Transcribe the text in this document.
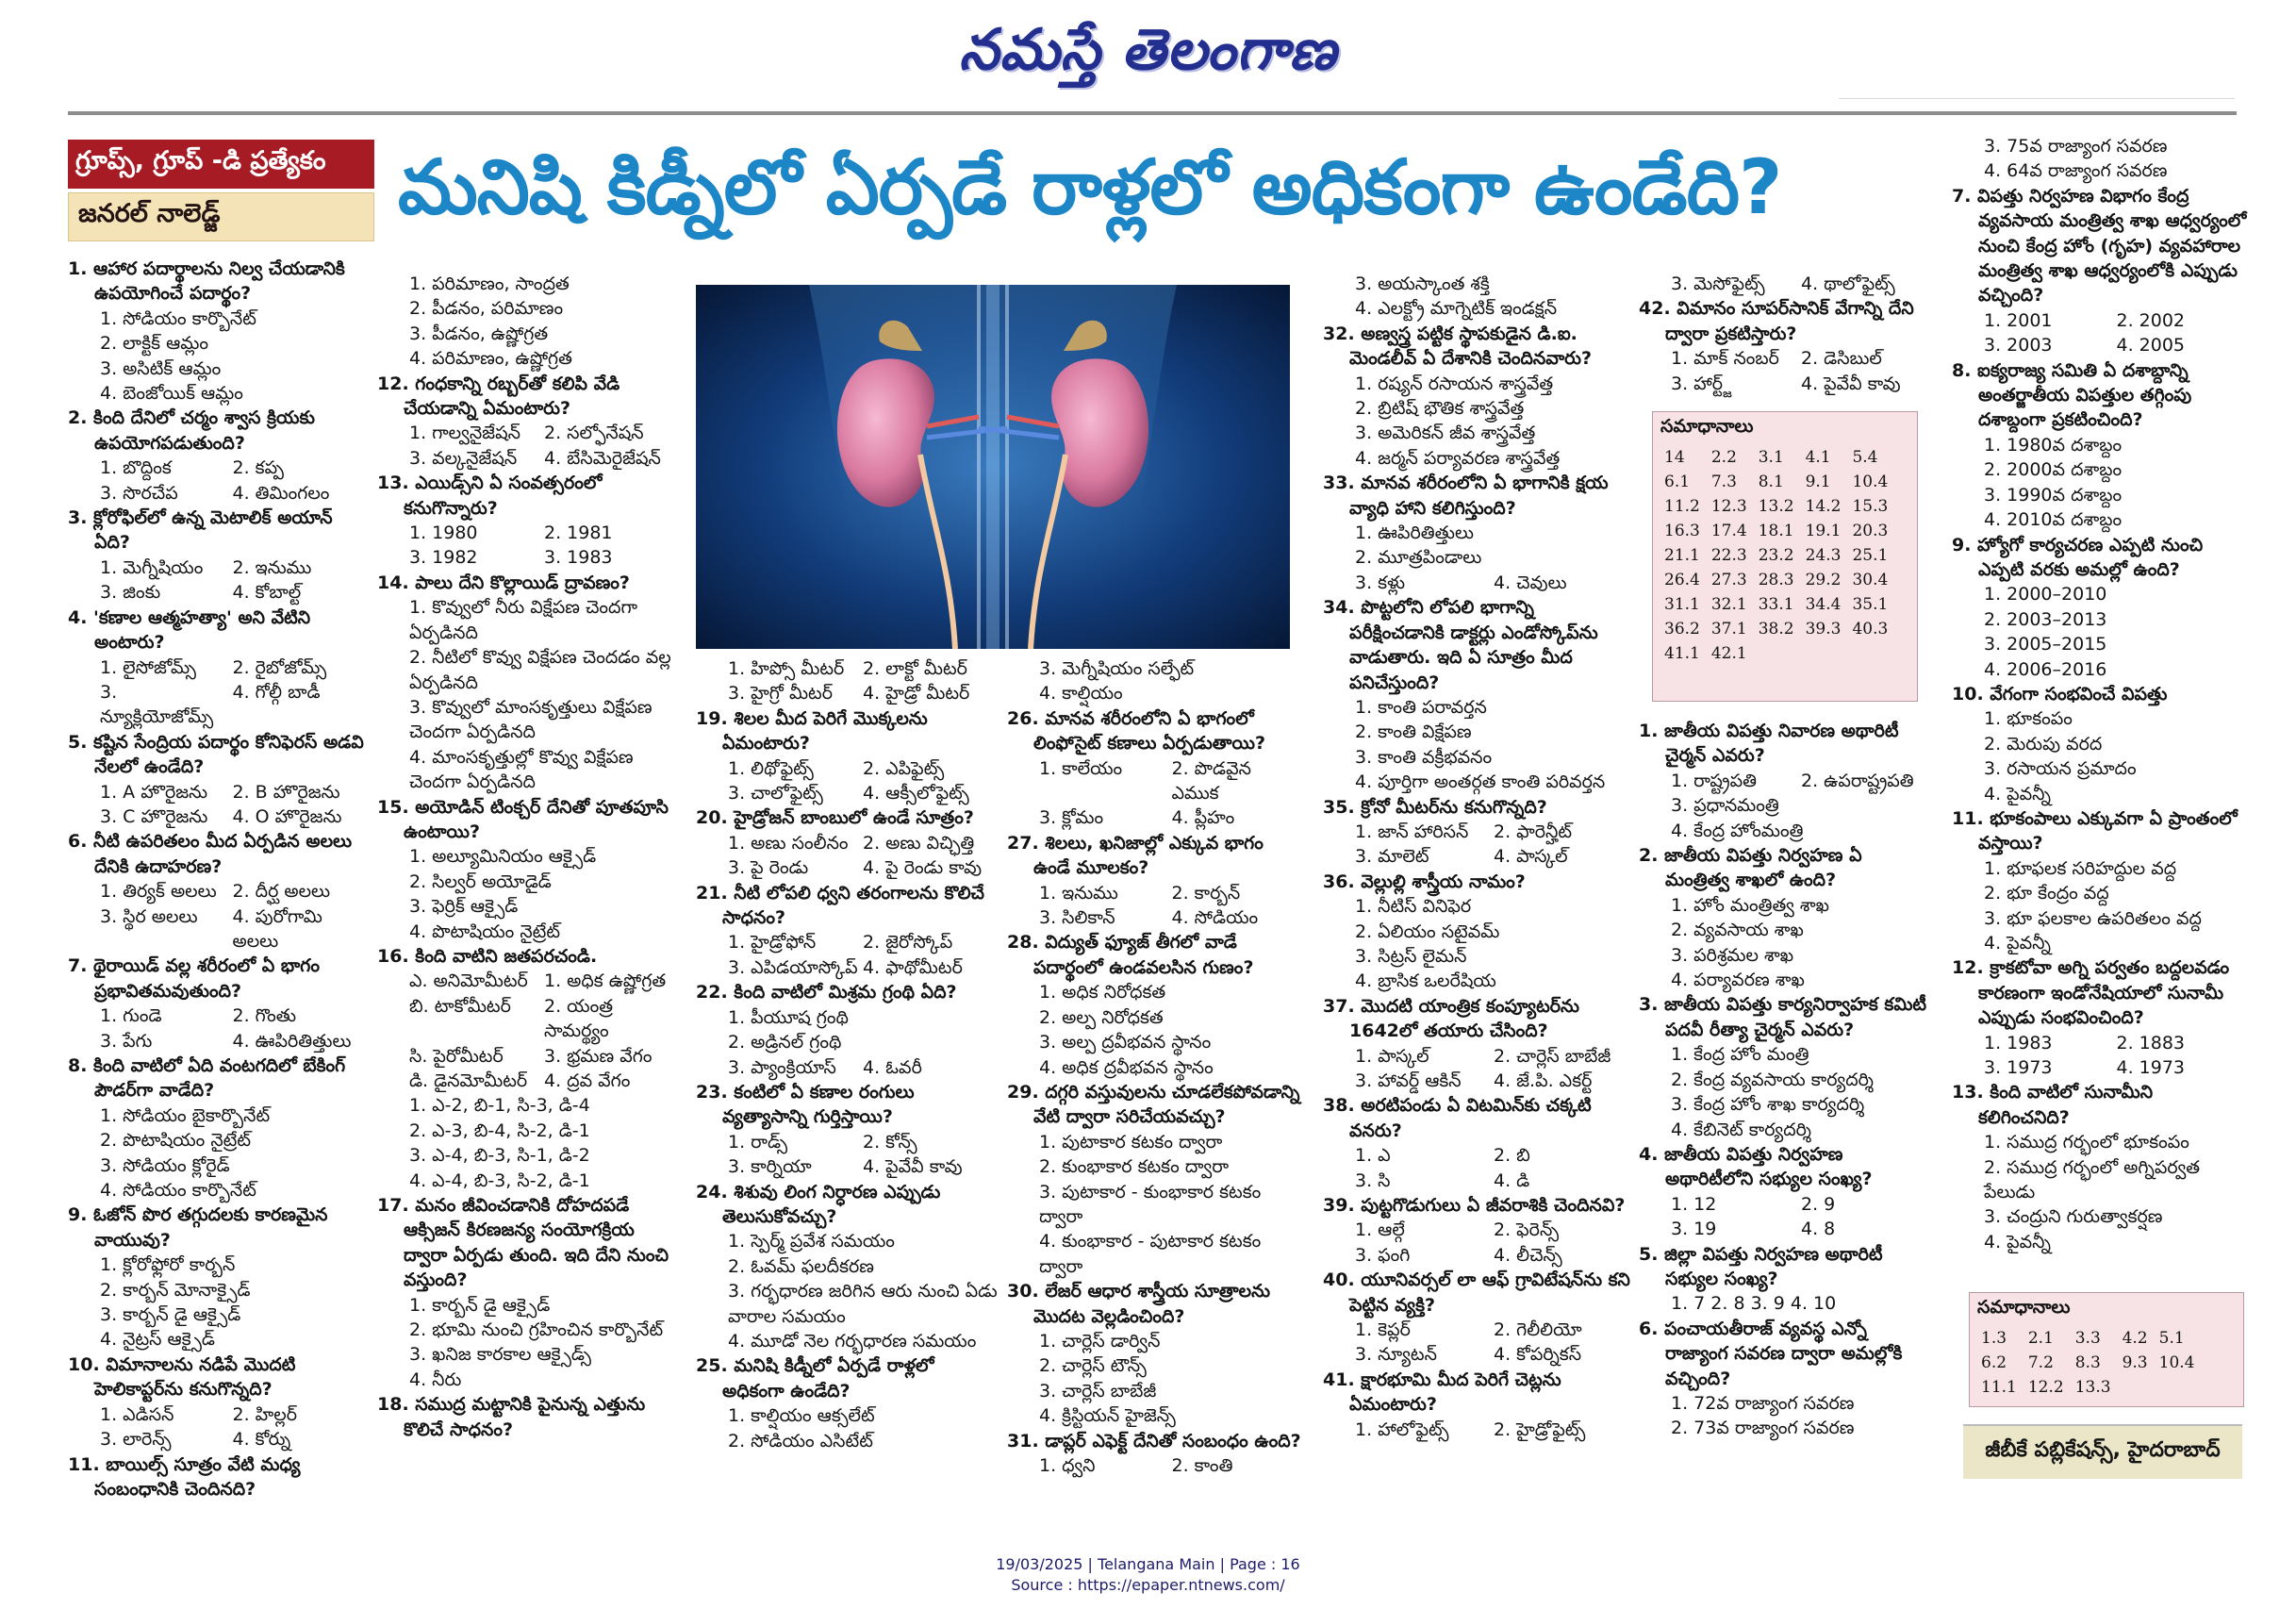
నమస్తే తెలంగాణ
గ్రూప్స్, గ్రూప్ -డి ప్రత్యేకం
జనరల్ నాలెడ్జ్	మనిషి కిడ్నీలో ఏర్పడే రాళ్లలో అధికంగా ఉండేది?
1. ఆహార పదార్థాలను నిల్వ చేయడానికి ఉపయోగించే పదార్థం?
1. సోడియం కార్బొనేట్
2. లాక్టిక్ ఆమ్లం
3. అసిటిక్ ఆమ్లం
4. బెంజోయిక్ ఆమ్లం
2. కింది దేనిలో చర్మం శ్వాస క్రియకు ఉపయోగపడుతుంది?
1. బొద్దింక	2. కప్ప
3. సొరచేప	4. తిమింగలం
3. క్లోరోఫిల్‌లో ఉన్న మెటాలిక్ అయాన్ ఏది?
1. మెగ్నీషియం	2. ఇనుము
3. జింకు	4. కోబాల్ట్
4. 'కణాల ఆత్మహత్యా' అని వేటిని అంటారు?
1. లైసోజోమ్స్	2. రైబోజోమ్స్
3. న్యూక్లియోజోమ్స్
4. గోల్గీ బాడీ
5. కష్టిన సేంద్రియ పదార్థం కోనిఫెరస్ అడవి నేలలో ఉండేది?
1. A హొరైజను	2. B హొరైజను
3. C హొరైజను	4. O హొరైజను
6. నీటి ఉపరితలం మీద ఏర్పడిన అలలు దేనికి ఉదాహరణ?
1. తిర్యక్ అలలు 2. దీర్ఘ అలలు
3. స్థిర అలలు	4. పురోగామి అలలు
7. థైరాయిడ్ వల్ల శరీరంలో ఏ భాగం ప్రభావితమవుతుంది?
1. గుండె	2. గొంతు
3. పేగు	4. ఊపిరితిత్తులు
8. కింది వాటిలో ఏది వంటగదిలో బేకింగ్ పౌడర్‌గా వాడేది?
1. సోడియం బైకార్బొనేట్
2. పొటాషియం నైట్రేట్
3. సోడియం క్లోరైడ్
4. సోడియం కార్బొనేట్
9. ఓజోన్ పొర తగ్గుదలకు కారణమైన వాయువు?
1. క్లోరోఫ్లోరో కార్బన్
2. కార్బన్ మోనాక్సైడ్
3. కార్బన్ డై ఆక్సైడ్
4. నైట్రస్ ఆక్సైడ్
10. విమానాలను నడిపే మొదటి హెలికాప్టర్‌ను కనుగొన్నది?
1. ఎడిసన్	2. హిల్లర్
3. లారెన్స్	4. కోర్ను
11. బాయిల్స్ సూత్రం వేటి మధ్య సంబంధానికి చెందినది?
1. పరిమాణం, సాంద్రత
2. పీడనం, పరిమాణం
3. పీడనం, ఉష్ణోగ్రత
4. పరిమాణం, ఉష్ణోగ్రత
12. గంధకాన్ని రబ్బర్‌తో కలిపి వేడి చేయడాన్ని ఏమంటారు?
1. గాల్వనైజేషన్	2. సల్ఫోనేషన్
3. వల్కనైజేషన్	4. బేసిమెరైజేషన్
13. ఎయిడ్స్‌ని ఏ సంవత్సరంలో కనుగొన్నారు?
1. 1980	2. 1981
3. 1982	3. 1983
14. పాలు దేని కొల్లాయిడ్ ద్రావణం?
1. కొవ్వులో నీరు విక్షేపణ చెందగా ఏర్పడినది
2. నీటిలో కొవ్వు విక్షేపణ చెందడం వల్ల ఏర్పడినది
3. కొవ్వులో మాంసకృత్తులు విక్షేపణ చెందగా ఏర్పడినది
4. మాంసకృత్తుల్లో కొవ్వు విక్షేపణ చెందగా ఏర్పడినది
15. అయోడిన్ టింక్చర్ దేనితో పూతపూసి ఉంటాయి?
1. అల్యూమినియం ఆక్సైడ్
2. సిల్వర్ అయోడైడ్
3. ఫెర్రిక్ ఆక్సైడ్
4. పొటాషియం నైట్రేట్
16. కింది వాటిని జతపరచండి.
ఎ. అనిమోమీటర్ 1. అధిక ఉష్ణోగ్రత
బి. టాకోమీటర్	2. యంత్ర సామర్థ్యం
సి. పైరోమీటర్	3. భ్రమణ వేగం
డి. డైనమోమీటర్ 4. ద్రవ వేగం
1. ఎ-2, బి-1, సి-3, డి-4
2. ఎ-3, బి-4, సి-2, డి-1
3. ఎ-4, బి-3, సి-1, డి-2
4. ఎ-4, బి-3, సి-2, డి-1
17. మనం జీవించడానికి దోహదపడే ఆక్సిజన్ కిరణజన్య సంయోగక్రియ ద్వారా ఏర్పడు తుంది. ఇది దేని నుంచి వస్తుంది?
1. కార్బన్ డై ఆక్సైడ్
2. భూమి నుంచి గ్రహించిన కార్బొనేట్
3. ఖనిజ కారకాల ఆక్సైడ్స్
4. నీరు
18. సముద్ర మట్టానికి పైనున్న ఎత్తును కొలిచే సాధనం?
1. హిప్సో మీటర్	2. లాక్టో మీటర్
3. హైగ్రో మీటర్	4. హైడ్రో మీటర్
19. శిలల మీద పెరిగే మొక్కలను ఏమంటారు?
1. లిథోఫైట్స్	2. ఎపిఫైట్స్
3. చాలోఫైట్స్	4. ఆక్సీలోఫైట్స్
20. హైడ్రోజన్ బాంబులో ఉండే సూత్రం?
1. అణు సంలీనం 2. అణు విచ్ఛిత్తి
3. పై రెండు	4. పై రెండు కావు
21. నీటి లోపలి ధ్వని తరంగాలను కొలిచే సాధనం?
1. హైడ్రోఫోన్	2. జైరోస్కోప్
3. ఎపిడయాస్కోప్ 4. ఫాథోమీటర్
22. కింది వాటిలో మిశ్రమ గ్రంథి ఏది?
1. పీయూష గ్రంథి
2. అడ్రినల్ గ్రంథి
3. ప్యాంక్రియాస్	4. ఓవరీ
23. కంటిలో ఏ కణాల రంగులు వ్యత్యాసాన్ని గుర్తిస్తాయి?
1. రాడ్స్	2. కోన్స్
3. కార్నియా	4. పైవేవీ కావు
24. శిశువు లింగ నిర్ధారణ ఎప్పుడు తెలుసుకోవచ్చు?
1. స్పెర్మ్ ప్రవేశ సమయం
2. ఓవమ్ ఫలదీకరణ
3. గర్భధారణ జరిగిన ఆరు నుంచి ఏడు వారాల సమయం
4. మూడో నెల గర్భధారణ సమయం
25. మనిషి కిడ్నీలో ఏర్పడే రాళ్లలో అధికంగా ఉండేది?
1. కాల్షియం ఆక్సలేట్
2. సోడియం ఎసిటేట్
3. మెగ్నీషియం సల్ఫేట్
4. కాల్షియం
26. మానవ శరీరంలోని ఏ భాగంలో లింఫోసైట్ కణాలు ఏర్పడుతాయి?
1. కాలేయం	2. పొడవైన ఎముక
3. క్లోమం	4. ప్లీహం
27. శిలలు, ఖనిజాల్లో ఎక్కువ భాగం ఉండే మూలకం?
1. ఇనుము	2. కార్బన్
3. సిలికాన్	4. సోడియం
28. విద్యుత్ ఫ్యూజ్ తీగలో వాడే పదార్థంలో ఉండవలసిన గుణం?
1. అధిక నిరోధకత
2. అల్ప నిరోధకత
3. అల్ప ద్రవీభవన స్థానం
4. అధిక ద్రవీభవన స్థానం
29. దగ్గరి వస్తువులను చూడలేకపోవడాన్ని వేటి ద్వారా సరిచేయవచ్చు?
1. పుటాకార కటకం ద్వారా
2. కుంభాకార కటకం ద్వారా
3. పుటాకార - కుంభాకార కటకం ద్వారా
4. కుంభాకార - పుటాకార కటకం ద్వారా
30. లేజర్ ఆధార శాస్త్రీయ సూత్రాలను మొదట వెల్లడించింది?
1. చార్లెస్ డార్విన్
2. చార్లెస్ టౌన్స్
3. చార్లెస్ బాబేజీ
4. క్రిస్టియన్ హైజెన్స్
31. డాప్లర్ ఎఫెక్ట్ దేనితో సంబంధం ఉంది?
1. ధ్వని	2. కాంతి
3. అయస్కాంత శక్తి
4. ఎలక్ట్రో మాగ్నెటిక్ ఇండక్షన్
32. అణ్వస్త్ర పట్టిక స్థాపకుడైన డి.ఐ. మెండలీవ్ ఏ దేశానికి చెందినవారు?
1. రష్యన్ రసాయన శాస్త్రవేత్త
2. బ్రిటిష్ భౌతిక శాస్త్రవేత్త
3. అమెరికన్ జీవ శాస్త్రవేత్త
4. జర్మన్ పర్యావరణ శాస్త్రవేత్త
33. మానవ శరీరంలోని ఏ భాగానికి క్షయ వ్యాధి హాని కలిగిస్తుంది?
1. ఊపిరితిత్తులు
2. మూత్రపిండాలు
3. కళ్లు	4. చెవులు
34. పొట్టలోని లోపలి భాగాన్ని పరీక్షించడానికి డాక్టర్లు ఎండోస్కోప్‌ను వాడుతారు. ఇది ఏ సూత్రం మీద పనిచేస్తుంది?
1. కాంతి పరావర్తన
2. కాంతి విక్షేపణ
3. కాంతి వక్రీభవనం
4. పూర్తిగా అంతర్గత కాంతి పరివర్తన
35. క్రోనో మీటర్‌ను కనుగొన్నది?
1. జాన్ హారిసన్	2. ఫారెన్హీట్
3. మాలెట్	4. పాస్కల్
36. వెల్లుల్లి శాస్త్రీయ నామం?
1. నీటిస్ వినిఫెర
2. ఏలియం సటైవమ్
3. సిట్రస్ లైమన్
4. బ్రాసిక ఒలరేషియ
37. మొదటి యాంత్రిక కంప్యూటర్‌ను 1642లో తయారు చేసింది?
1. పాస్కల్	2. చార్లెస్ బాబేజీ
3. హావర్డ్ ఆకిన్	4. జే.పి. ఎకర్ట్
38. అరటిపండు ఏ విటమిన్‌కు చక్కటి వనరు?
1. ఎ	2. బి
3. సి	4. డి
39. పుట్టగొడుగులు ఏ జీవరాశికి చెందినవి?
1. ఆల్గే	2. ఫెరెన్స్
3. ఫంగి	4. లీచెన్స్
40. యూనివర్సల్ లా ఆఫ్ గ్రావిటేషన్‌ను కని పెట్టిన వ్యక్తి?
1. కెప్లర్	2. గెలీలియో
3. న్యూటన్	4. కోపర్నికస్
41. క్షారభూమి మీద పెరిగే చెట్లను ఏమంటారు?
1. హాలోఫైట్స్	2. హైడ్రోఫైట్స్
3. మెసోఫైట్స్	4. థాలోఫైట్స్
42. విమానం సూపర్‌సానిక్ వేగాన్ని దేని ద్వారా ప్రకటిస్తారు?
1. మాక్ నంబర్	2. డెసిబుల్
3. హార్ట్జ్	4. పైవేవీ కావు
సమాధానాలు
14	2.2	3.1	4.1	5.4
6.1	7.3	8.1	9.1	10.4
11.2	12.3	13.2	14.2	15.3
16.3	17.4	18.1	19.1	20.3
21.1	22.3	23.2	24.3	25.1
26.4	27.3	28.3	29.2	30.4
31.1	32.1	33.1	34.4	35.1
36.2	37.1	38.2	39.3	40.3
41.1	42.1			
1. జాతీయ విపత్తు నివారణ అథారిటీ చైర్మన్ ఎవరు?
1. రాష్ట్రపతి	2. ఉపరాష్ట్రపతి
3. ప్రధానమంత్రి
4. కేంద్ర హోంమంత్రి
2. జాతీయ విపత్తు నిర్వహణ ఏ మంత్రిత్వ శాఖలో ఉంది?
1. హోం మంత్రిత్వ శాఖ
2. వ్యవసాయ శాఖ
3. పరిశ్రమల శాఖ
4. పర్యావరణ శాఖ
3. జాతీయ విపత్తు కార్యనిర్వాహక కమిటీ పదవీ రీత్యా చైర్మన్ ఎవరు?
1. కేంద్ర హోం మంత్రి
2. కేంద్ర వ్యవసాయ కార్యదర్శి
3. కేంద్ర హోం శాఖ కార్యదర్శి
4. కేబినెట్ కార్యదర్శి
4. జాతీయ విపత్తు నిర్వహణ అథారిటీలోని సభ్యుల సంఖ్య?
1. 12	2. 9
3. 19	4. 8
5. జిల్లా విపత్తు నిర్వహణ అథారిటీ సభ్యుల సంఖ్య?
1. 7 2. 8 3. 9 4. 10
6. పంచాయతీరాజ్ వ్యవస్థ ఎన్నో రాజ్యాంగ సవరణ ద్వారా అమల్లోకి వచ్చింది?
1. 72వ రాజ్యాంగ సవరణ
2. 73వ రాజ్యాంగ సవరణ
3. 75వ రాజ్యాంగ సవరణ
4. 64వ రాజ్యాంగ సవరణ
7. విపత్తు నిర్వహణ విభాగం కేంద్ర వ్యవసాయ మంత్రిత్వ శాఖ ఆధ్వర్యంలో నుంచి కేంద్ర హోం (గృహ) వ్యవహారాల మంత్రిత్వ శాఖ ఆధ్వర్యంలోకి ఎప్పుడు వచ్చింది?
1. 2001	2. 2002
3. 2003	4. 2005
8. ఐక్యరాజ్య సమితి ఏ దశాబ్దాన్ని అంతర్జాతీయ విపత్తుల తగ్గింపు దశాబ్దంగా ప్రకటించింది?
1. 1980వ దశాబ్దం
2. 2000వ దశాబ్దం
3. 1990వ దశాబ్దం
4. 2010వ దశాబ్దం
9. హ్యోగో కార్యచరణ ఎప్పటి నుంచి ఎప్పటి వరకు అమల్లో ఉంది?
1. 2000–2010
2. 2003–2013
3. 2005–2015
4. 2006–2016
10. వేగంగా సంభవించే విపత్తు
1. భూకంపం
2. మెరుపు వరద
3. రసాయన ప్రమాదం
4. పైవన్నీ
11. భూకంపాలు ఎక్కువగా ఏ ప్రాంతంలో వస్తాయి?
1. భూఫలక సరిహద్దుల వద్ద
2. భూ కేంద్రం వద్ద
3. భూ ఫలకాల ఉపరితలం వద్ద
4. పైవన్నీ
12. క్రాకటోవా అగ్ని పర్వతం బద్దలవడం కారణంగా ఇండోనేషియాలో సునామీ ఎప్పుడు సంభవించింది?
1. 1983	2. 1883
3. 1973	4. 1973
13. కింది వాటిలో సునామీని కలిగించనిది?
1. సముద్ర గర్భంలో భూకంపం
2. సముద్ర గర్భంలో అగ్నిపర్వత పేలుడు
3. చంద్రుని గురుత్వాకర్షణ
4. పైవన్నీ
సమాధానాలు
1.3	2.1	3.3	4.2	5.1
6.2	7.2	8.3	9.3	10.4
11.1	12.2	13.3		
జీబీకే పబ్లికేషన్స్, హైదరాబాద్
19/03/2025 | Telangana Main | Page : 16
Source : https://epaper.ntnews.com/
